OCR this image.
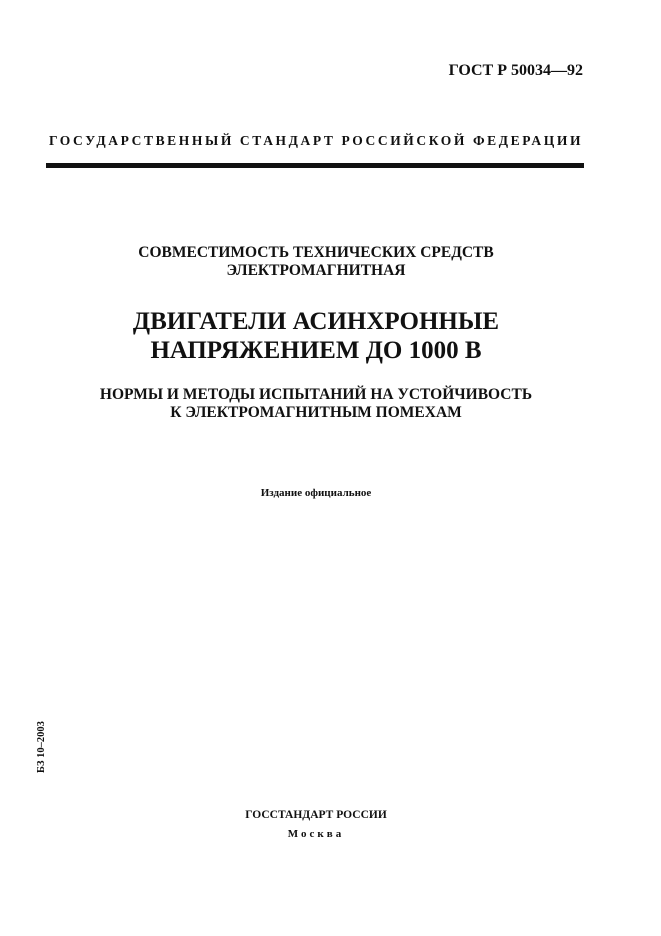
ГОСТ Р 50034—92
ГОСУДАРСТВЕННЫЙ СТАНДАРТ РОССИЙСКОЙ ФЕДЕРАЦИИ
СОВМЕСТИМОСТЬ ТЕХНИЧЕСКИХ СРЕДСТВ
ЭЛЕКТРОМАГНИТНАЯ
ДВИГАТЕЛИ АСИНХРОННЫЕ
НАПРЯЖЕНИЕМ ДО 1000 В
НОРМЫ И МЕТОДЫ ИСПЫТАНИЙ НА УСТОЙЧИВОСТЬ
К ЭЛЕКТРОМАГНИТНЫМ ПОМЕХАМ
Издание официальное
БЗ 10–2003
ГОССТАНДАРТ РОССИИ
Москва
